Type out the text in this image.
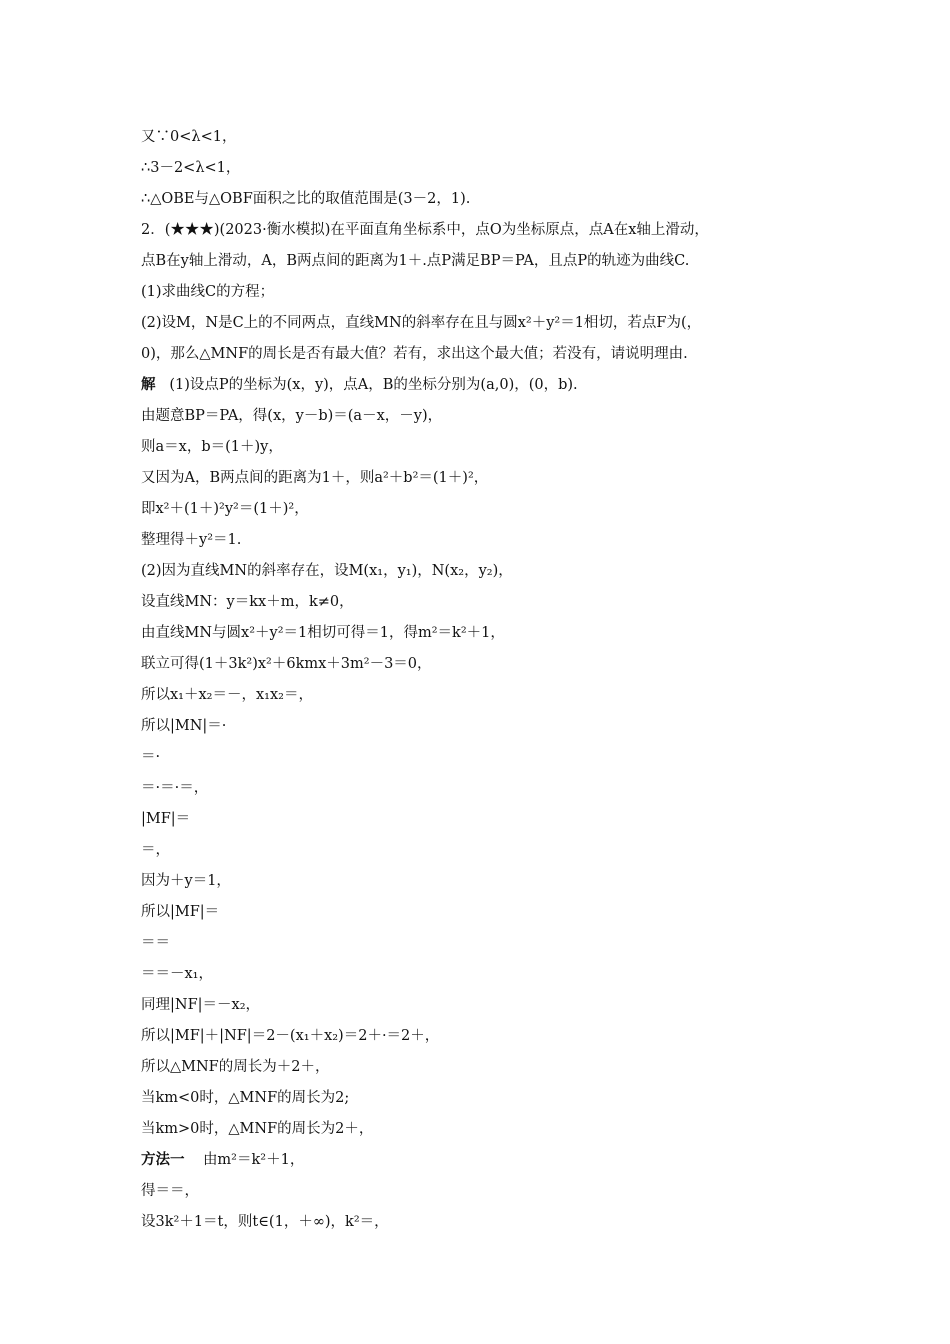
又∵0<λ<1，
∴3－2<λ<1，
∴△OBE与△OBF面积之比的取值范围是(3－2，1).
2．(★★★)(2023·衡水模拟)在平面直角坐标系中，点O为坐标原点，点A在x轴上滑动，
点B在y轴上滑动，A，B两点间的距离为1＋.点P满足BP＝PA，且点P的轨迹为曲线C.
(1)求曲线C的方程；
(2)设M，N是C上的不同两点，直线MN的斜率存在且与圆x²＋y²＝1相切，若点F为(，
0)，那么△MNF的周长是否有最大值？若有，求出这个最大值；若没有，请说明理由.
解 (1)设点P的坐标为(x，y)，点A，B的坐标分别为(a,0)，(0，b).
由题意BP＝PA，得(x，y－b)＝(a－x，－y)，
则a＝x，b＝(1＋)y，
又因为A，B两点间的距离为1＋，则a²＋b²＝(1＋)²，
即x²＋(1＋)²y²＝(1＋)²，
整理得＋y²＝1.
(2)因为直线MN的斜率存在，设M(x₁，y₁)，N(x₂，y₂)，
设直线MN：y＝kx＋m，k≠0，
由直线MN与圆x²＋y²＝1相切可得＝1，得m²＝k²＋1，
联立可得(1＋3k²)x²＋6kmx＋3m²－3＝0，
所以x₁＋x₂＝－，x₁x₂＝，
所以|MN|＝·
＝·
＝·＝·＝，
|MF|＝
＝，
因为＋y＝1，
所以|MF|＝
＝＝
＝＝－x₁，
同理|NF|＝－x₂，
所以|MF|＋|NF|＝2－(x₁＋x₂)＝2＋·＝2＋，
所以△MNF的周长为＋2＋，
当km<0时，△MNF的周长为2;
当km>0时，△MNF的周长为2＋，
方法一 由m²＝k²＋1，
得＝＝，
设3k²＋1＝t，则t∈(1，＋∞)，k²＝，
